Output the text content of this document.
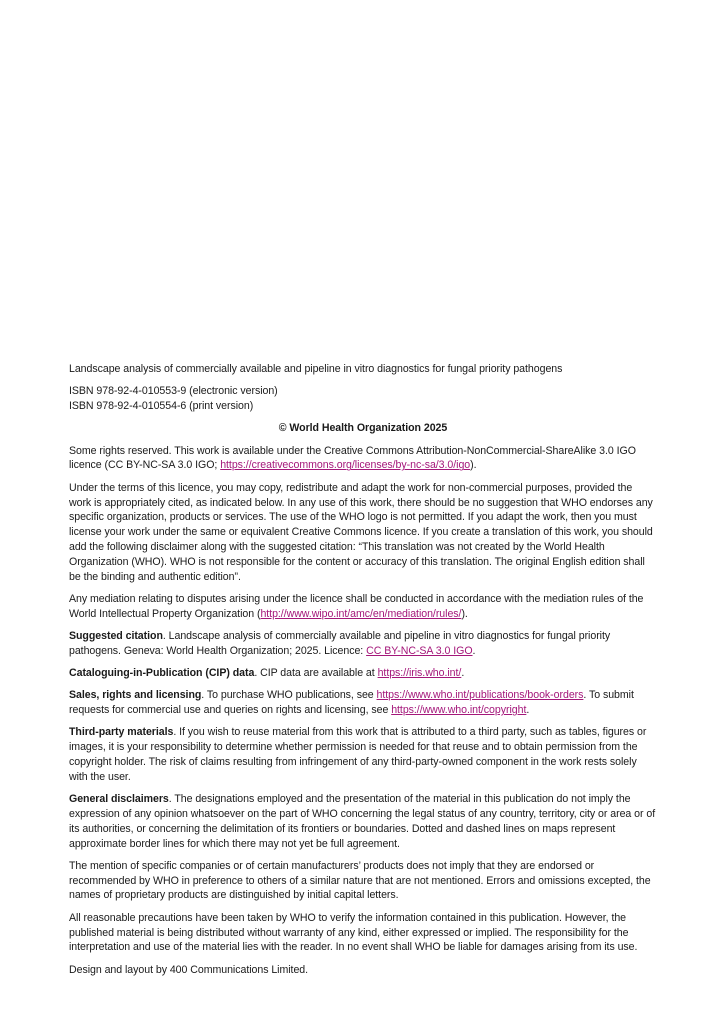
Landscape analysis of commercially available and pipeline in vitro diagnostics for fungal priority pathogens

ISBN 978-92-4-010553-9 (electronic version)

ISBN 978-92-4-010554-6 (print version)

© World Health Organization 2025

Some rights reserved. This work is available under the Creative Commons Attribution-NonCommercial-ShareAlike 3.0 IGO licence (CC BY-NC-SA 3.0 IGO; https://creativecommons.org/licenses/by-nc-sa/3.0/igo).

Under the terms of this licence, you may copy, redistribute and adapt the work for non-commercial purposes, provided the work is appropriately cited, as indicated below. In any use of this work, there should be no suggestion that WHO endorses any specific organization, products or services. The use of the WHO logo is not permitted. If you adapt the work, then you must license your work under the same or equivalent Creative Commons licence. If you create a translation of this work, you should add the following disclaimer along with the suggested citation: “This translation was not created by the World Health Organization (WHO). WHO is not responsible for the content or accuracy of this translation. The original English edition shall be the binding and authentic edition”.

Any mediation relating to disputes arising under the licence shall be conducted in accordance with the mediation rules of the World Intellectual Property Organization (http://www.wipo.int/amc/en/mediation/rules/).

Suggested citation. Landscape analysis of commercially available and pipeline in vitro diagnostics for fungal priority pathogens. Geneva: World Health Organization; 2025. Licence: CC BY-NC-SA 3.0 IGO.

Cataloguing-in-Publication (CIP) data. CIP data are available at https://iris.who.int/.

Sales, rights and licensing. To purchase WHO publications, see https://www.who.int/publications/book-orders. To submit requests for commercial use and queries on rights and licensing, see https://www.who.int/copyright.

Third-party materials. If you wish to reuse material from this work that is attributed to a third party, such as tables, figures or images, it is your responsibility to determine whether permission is needed for that reuse and to obtain permission from the copyright holder. The risk of claims resulting from infringement of any third-party-owned component in the work rests solely with the user.

General disclaimers. The designations employed and the presentation of the material in this publication do not imply the expression of any opinion whatsoever on the part of WHO concerning the legal status of any country, territory, city or area or of its authorities, or concerning the delimitation of its frontiers or boundaries. Dotted and dashed lines on maps represent approximate border lines for which there may not yet be full agreement.

The mention of specific companies or of certain manufacturers’ products does not imply that they are endorsed or recommended by WHO in preference to others of a similar nature that are not mentioned. Errors and omissions excepted, the names of proprietary products are distinguished by initial capital letters.

All reasonable precautions have been taken by WHO to verify the information contained in this publication. However, the published material is being distributed without warranty of any kind, either expressed or implied. The responsibility for the interpretation and use of the material lies with the reader. In no event shall WHO be liable for damages arising from its use.

Design and layout by 400 Communications Limited.
